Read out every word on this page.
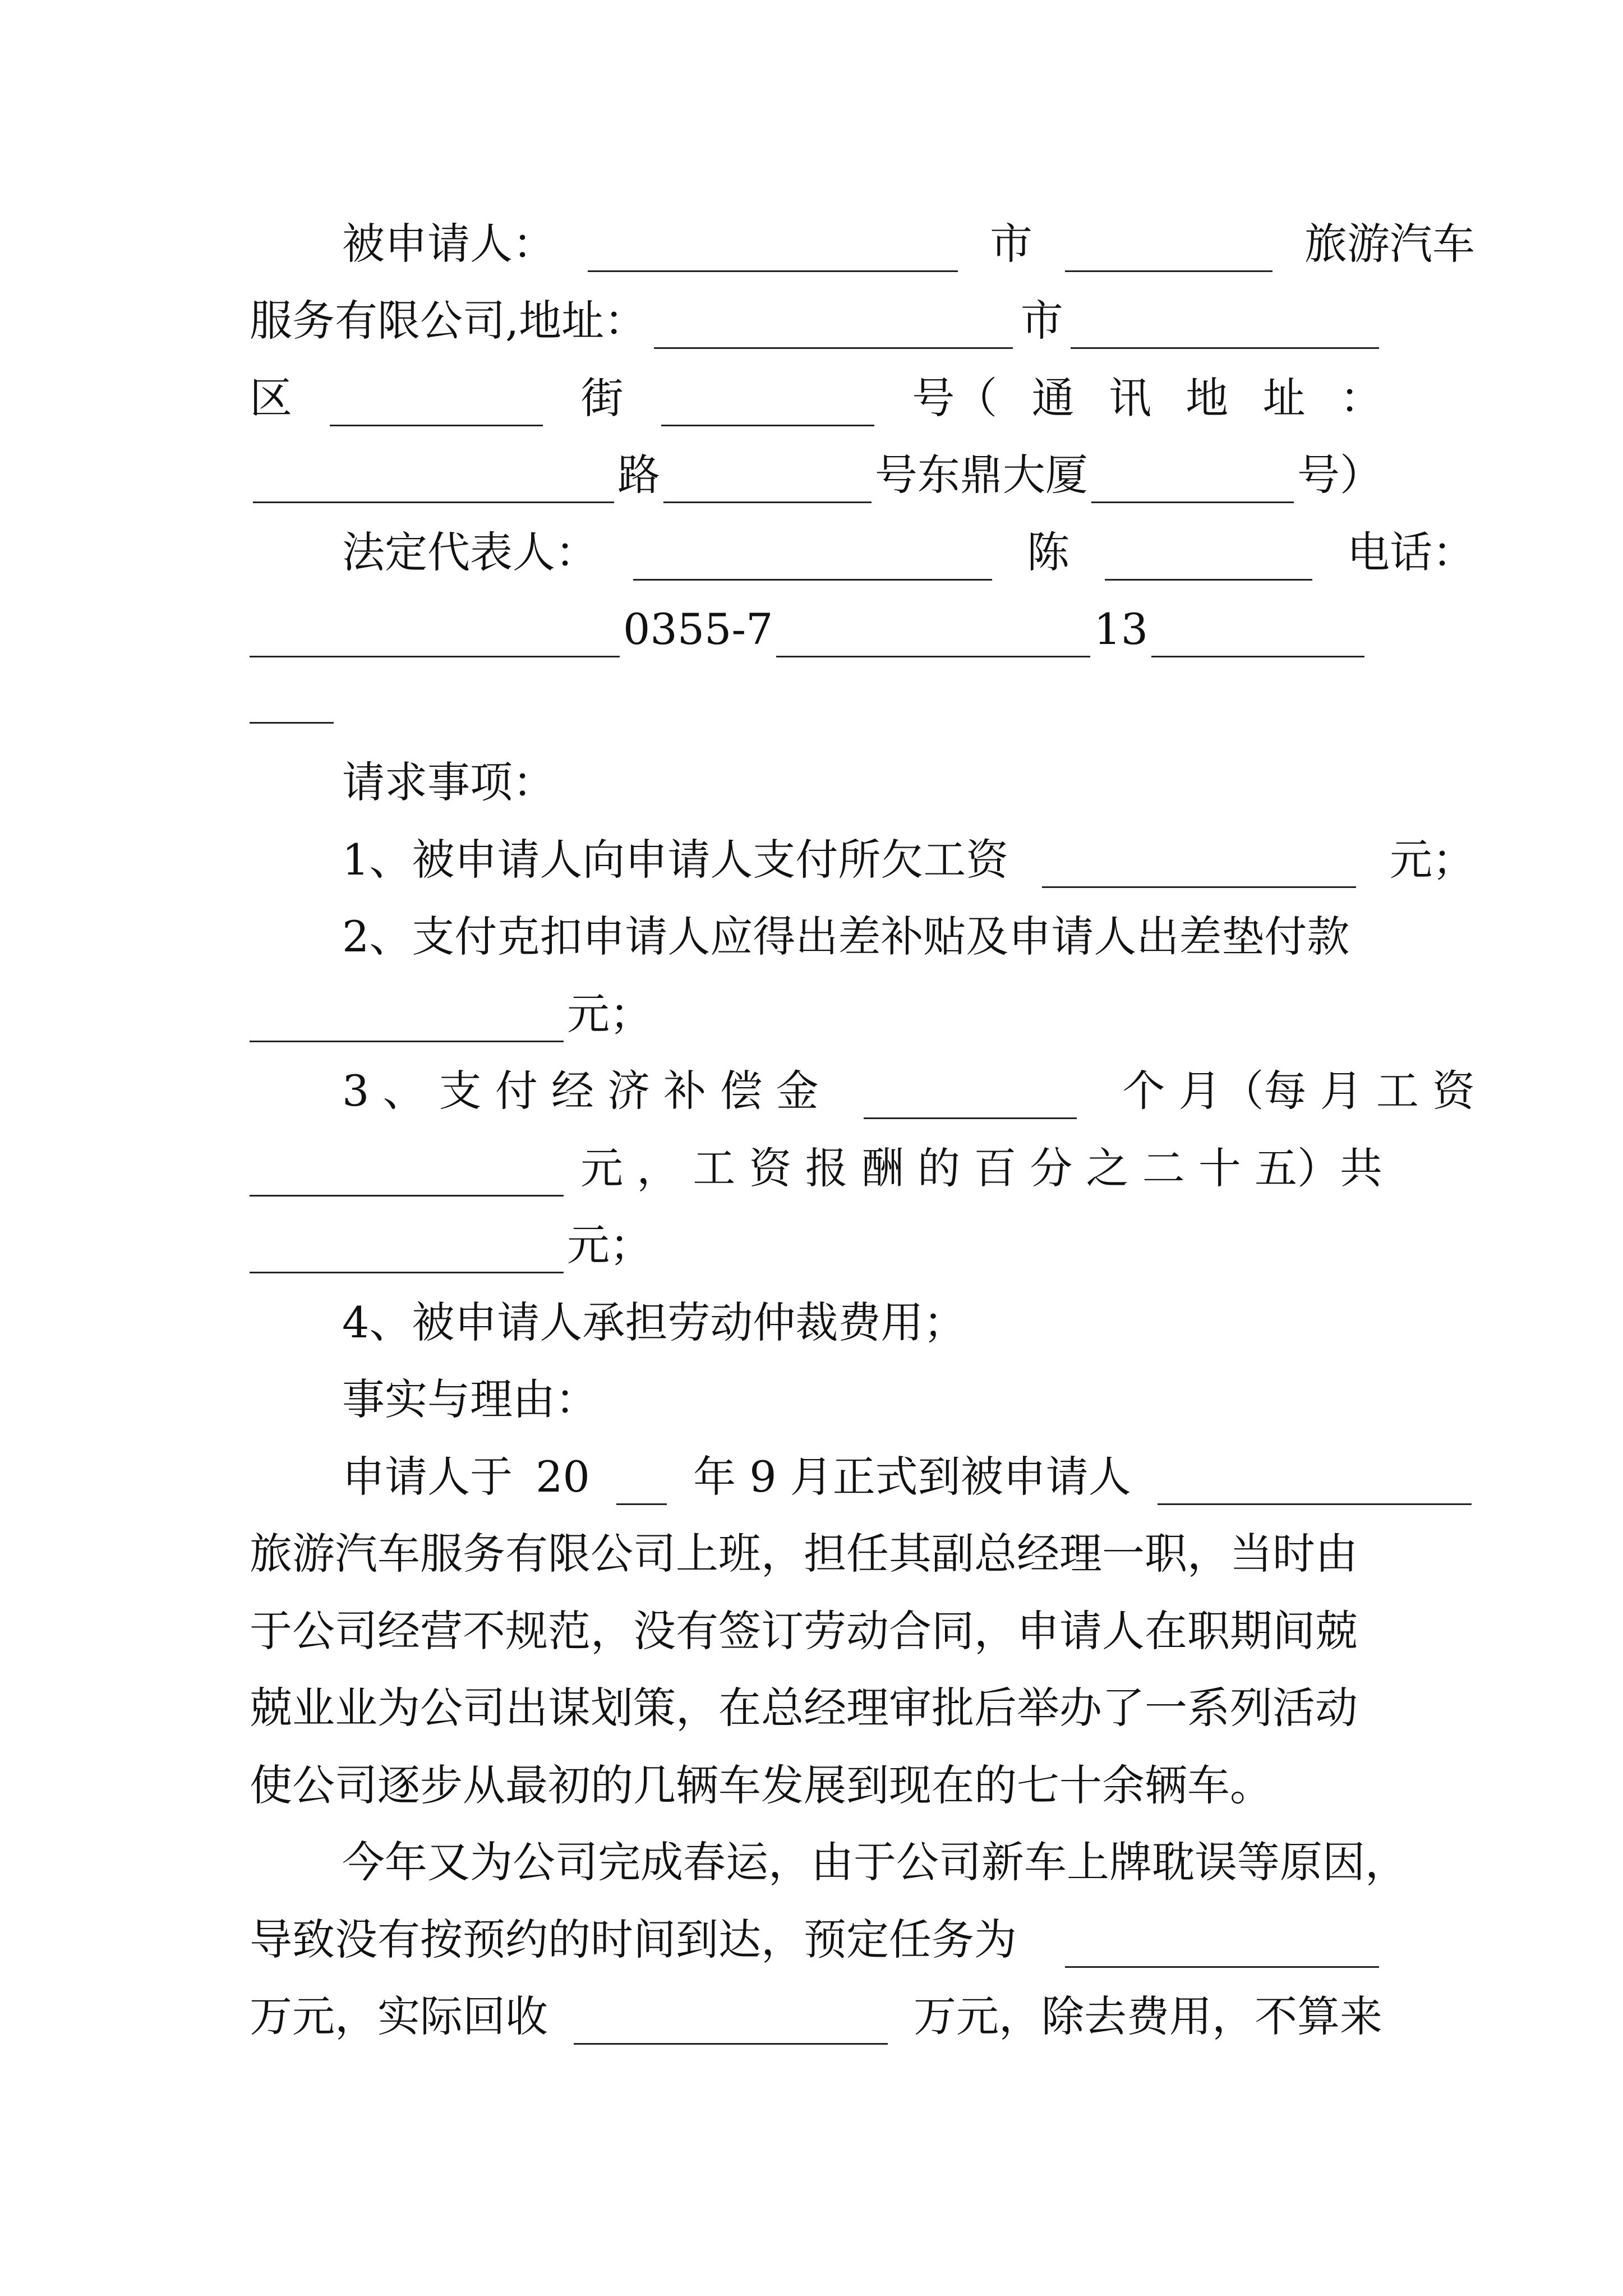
被申请人：	市	旅游汽车
服务有限公司,地址：	市
区	街	号（ 通 讯 地 址 ：
路	号东鼎大厦	号）
法定代表人：	陈	电话：
0355-7	13
请求事项：
1、被申请人向申请人支付所欠工资	元；
2、支付克扣申请人应得出差补贴及申请人出差垫付款
元；
3 、 支 付 经 济 补 偿 金	个 月（每 月 工 资
元 ， 工 资 报 酬 的 百 分 之 二 十 五）共
元；
4、被申请人承担劳动仲裁费用；
事实与理由：
申请人于 20 年 9 月正式到被申请人
旅游汽车服务有限公司上班，担任其副总经理一职，当时由
于公司经营不规范，没有签订劳动合同，申请人在职期间兢
兢业业为公司出谋划策，在总经理审批后举办了一系列活动
使公司逐步从最初的几辆车发展到现在的七十余辆车。
今年又为公司完成春运，由于公司新车上牌耽误等原因，
导致没有按预约的时间到达，预定任务为
万元，实际回收	万元，除去费用，不算来
